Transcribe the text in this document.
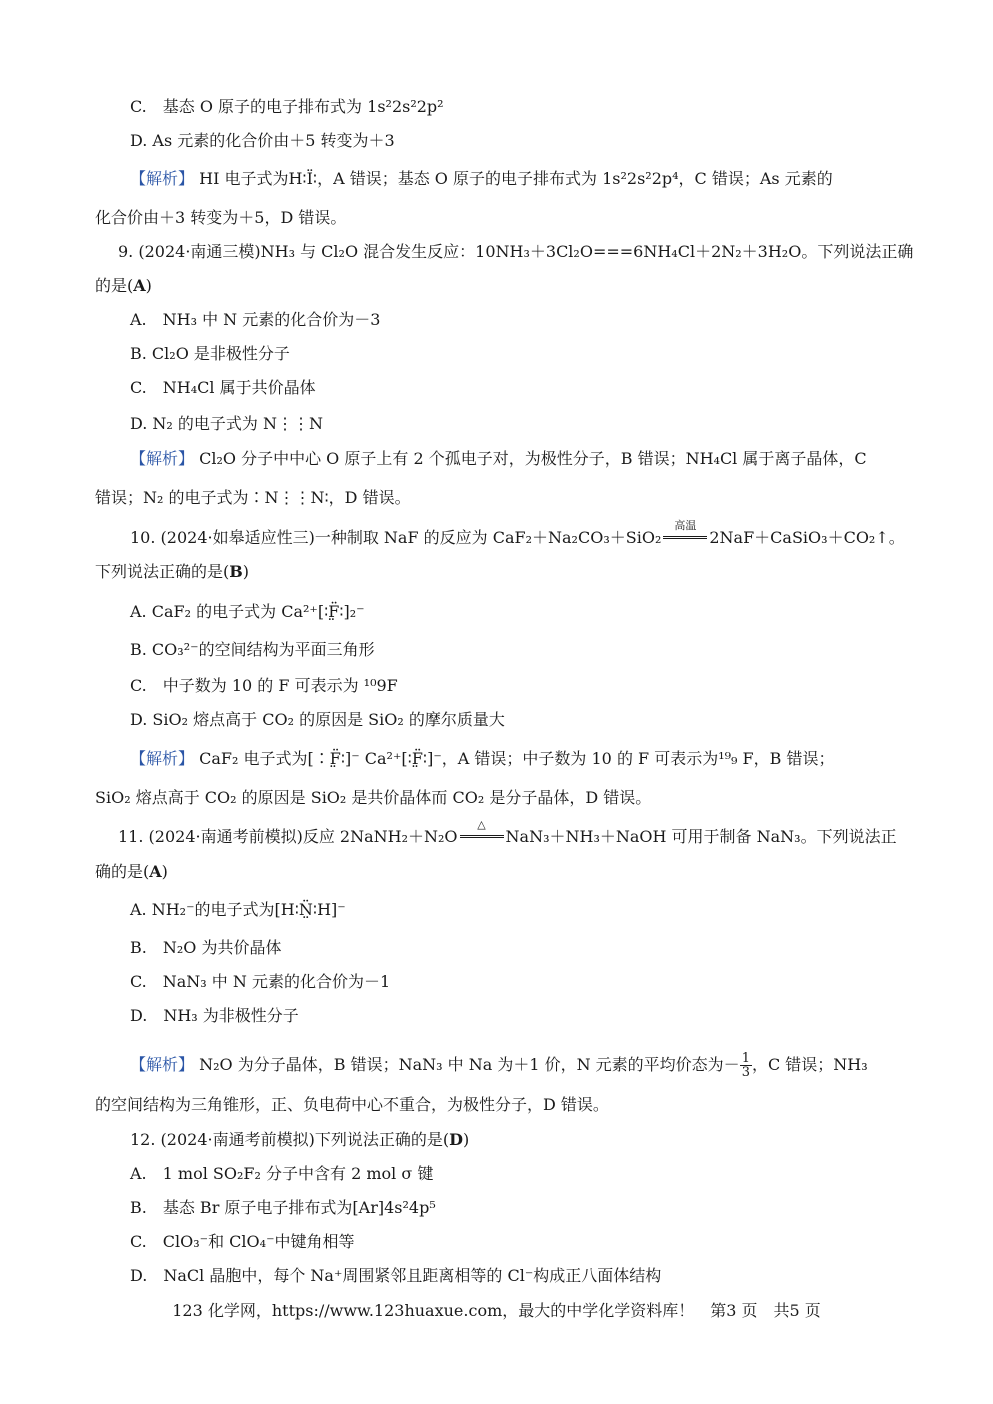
C.　基态 O 原子的电子排布式为 1s²2s²2p²
D. As 元素的化合价由＋5 转变为＋3
【解析】 HI 电子式为H∶Ï∶，A 错误；基态 O 原子的电子排布式为 1s²2s²2p⁴，C 错误；As 元素的
化合价由＋3 转变为＋5，D 错误。
9. (2024·南通三模)NH₃ 与 Cl₂O 混合发生反应：10NH₃＋3Cl₂O===6NH₄Cl＋2N₂＋3H₂O。下列说法正确
的是(A)
A.　NH₃ 中 N 元素的化合价为－3
B. Cl₂O 是非极性分子
C.　NH₄Cl 属于共价晶体
D. N₂ 的电子式为 N⋮⋮N
【解析】 Cl₂O 分子中中心 O 原子上有 2 个孤电子对，为极性分子，B 错误；NH₄Cl 属于离子晶体，C
错误；N₂ 的电子式为∶N⋮⋮N∶，D 错误。
10. (2024·如皋适应性三)一种制取 NaF 的反应为 CaF₂＋Na₂CO₃＋SiO₂
高温
2NaF＋CaSiO₃＋CO₂↑。
下列说法正确的是(B)
A. CaF₂ 的电子式为 Ca²⁺[∶F̤̈∶]₂⁻
B. CO₃²⁻的空间结构为平面三角形
C.　中子数为 10 的 F 可表示为 ¹⁰9F
D. SiO₂ 熔点高于 CO₂ 的原因是 SiO₂ 的摩尔质量大
【解析】 CaF₂ 电子式为[∶F̤̈∶]⁻ Ca²⁺[∶F̤̈∶]⁻，A 错误；中子数为 10 的 F 可表示为¹⁹₉ F，B 错误；
SiO₂ 熔点高于 CO₂ 的原因是 SiO₂ 是共价晶体而 CO₂ 是分子晶体，D 错误。
11. (2024·南通考前模拟)反应 2NaNH₂＋N₂O
△
NaN₃＋NH₃＋NaOH 可用于制备 NaN₃。下列说法正
确的是(A)
A. NH₂⁻的电子式为[H∶N̤̈∶H]⁻
B.　N₂O 为共价晶体
C.　NaN₃ 中 N 元素的化合价为－1
D.　NH₃ 为非极性分子
【解析】 N₂O 为分子晶体，B 错误；NaN₃ 中 Na 为＋1 价，N 元素的平均价态为－ $\frac{1}{3}$ ，C 错误；NH₃
的空间结构为三角锥形，正、负电荷中心不重合，为极性分子，D 错误。
12. (2024·南通考前模拟)下列说法正确的是(D)
A.　1 mol SO₂F₂ 分子中含有 2 mol σ 键
B.　基态 Br 原子电子排布式为[Ar]4s²4p⁵
C.　ClO₃⁻和 ClO₄⁻中键角相等
D.　NaCl 晶胞中，每个 Na⁺周围紧邻且距离相等的 Cl⁻构成正八面体结构
123 化学网，https://www.123huaxue.com，最大的中学化学资料库！　第3 页　共5 页
